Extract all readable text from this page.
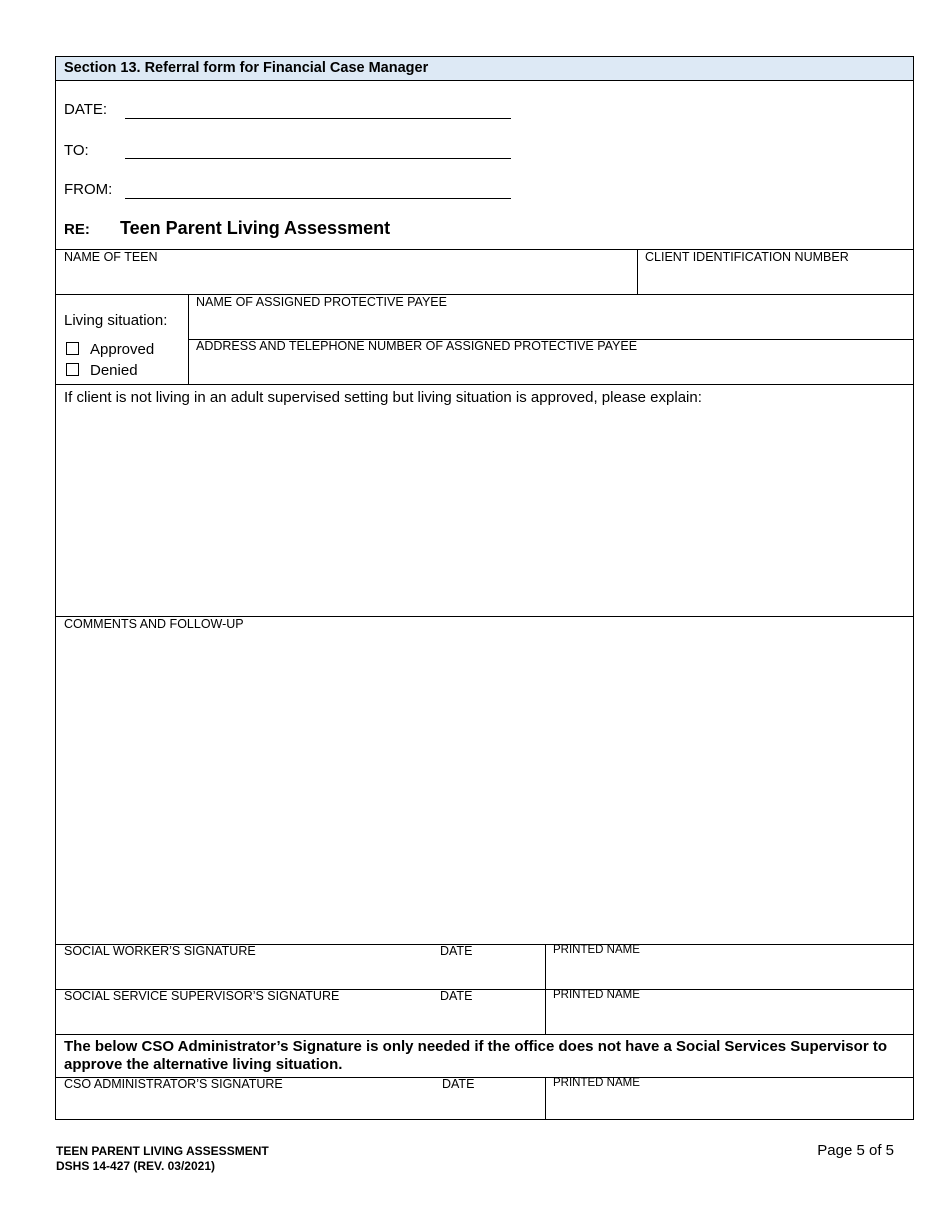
Section 13. Referral form for Financial Case Manager
DATE:
TO:
FROM:
RE: Teen Parent Living Assessment
NAME OF TEEN	CLIENT IDENTIFICATION NUMBER
Living situation:
Approved
Denied
NAME OF ASSIGNED PROTECTIVE PAYEE
ADDRESS AND TELEPHONE NUMBER OF ASSIGNED PROTECTIVE PAYEE
If client is not living in an adult supervised setting but living situation is approved, please explain:
COMMENTS AND FOLLOW-UP
SOCIAL WORKER’S SIGNATURE	DATE	PRINTED NAME
SOCIAL SERVICE SUPERVISOR’S SIGNATURE	DATE	PRINTED NAME
The below CSO Administrator’s Signature is only needed if the office does not have a Social Services Supervisor to approve the alternative living situation.
CSO ADMINISTRATOR’S SIGNATURE	DATE	PRINTED NAME
TEEN PARENT LIVING ASSESSMENT
DSHS 14-427 (REV. 03/2021)
Page 5 of 5
